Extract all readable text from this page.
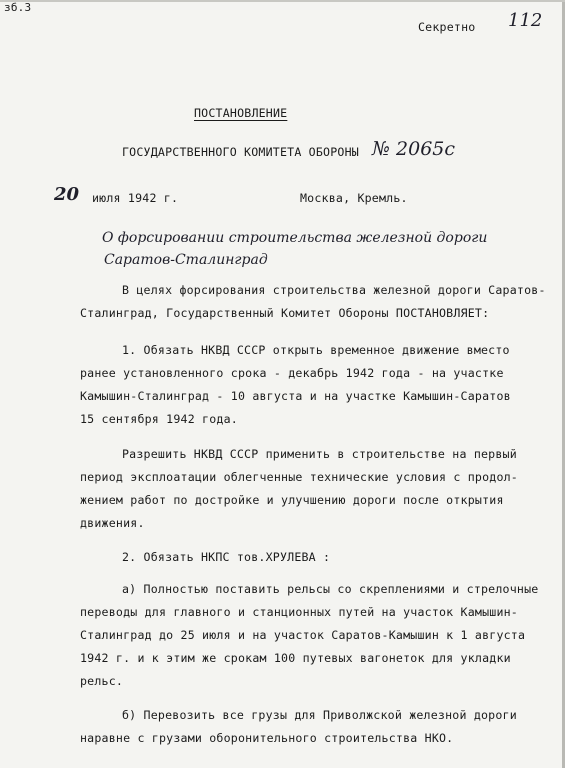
зб.3
Секретно 112
ПОСТАНОВЛЕНИЕ
ГОСУДАРСТВЕННОГО КОМИТЕТА ОБОРОНЫ № 2065с
20 июля 1942 г.	Москва, Кремль.
О форсировании строительства железной дороги
Саратов-Сталинград
В целях форсирования строительства железной дороги Саратов-
Сталинград, Государственный Комитет Обороны ПОСТАНОВЛЯЕТ:
1. Обязать НКВД СССР открыть временное движение вместо
ранее установленного срока - декабрь 1942 года - на участке
Камышин-Сталинград - 10 августа и на участке Камышин-Саратов
15 сентября 1942 года.
Разрешить НКВД СССР применить в строительстве на первый
период эксплоатации облегченные технические условия с продол-
жением работ по достройке и улучшению дороги после открытия
движения.
2. Обязать НКПС тов.ХРУЛЕВА :
а) Полностью поставить рельсы со скреплениями и стрелочные
переводы для главного и станционных путей на участок Камышин-
Сталинград до 25 июля и на участок Саратов-Камышин к 1 августа
1942 г. и к этим же срокам 100 путевых вагонеток для укладки
рельс.
б) Перевозить все грузы для Приволжской железной дороги
наравне с грузами оборонительного строительства НКО.
